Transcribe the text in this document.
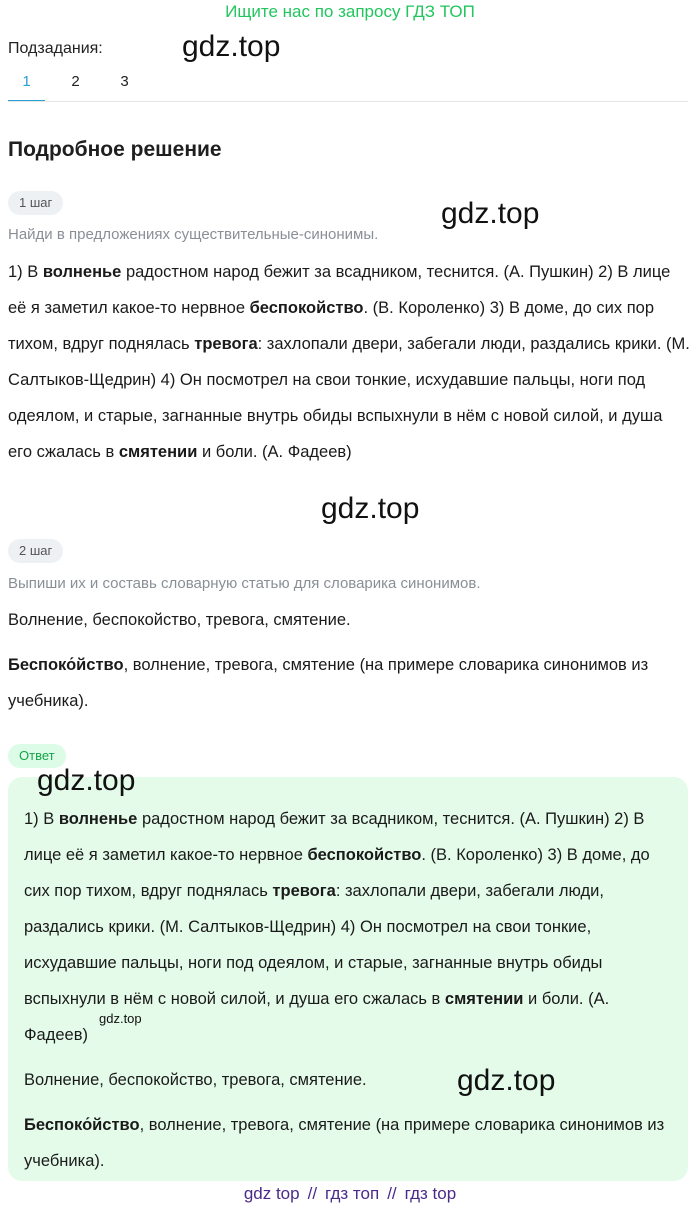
Ищите нас по запросу ГДЗ ТОП
Подзадания:	gdz.top
1	2	3
Подробное решение
1 шаг	gdz.top
Найди в предложениях существительные-синонимы.
1) В волненье радостном народ бежит за всадником, теснится. (А. Пушкин) 2) В лице её я заметил какое-то нервное беспокойство. (В. Короленко) 3) В доме, до сих пор тихом, вдруг поднялась тревога: захлопали двери, забегали люди, раздались крики. (М. Салтыков-Щедрин) 4) Он посмотрел на свои тонкие, исхудавшие пальцы, ноги под одеялом, и старые, загнанные внутрь обиды вспыхнули в нём с новой силой, и душа его сжалась в смятении и боли. (А. Фадеев)
gdz.top
2 шаг
Выпиши их и составь словарную статью для словарика синонимов.
Волнение, беспокойство, тревога, смятение.
Беспоко́йство, волнение, тревога, смятение (на примере словарика синонимов из учебника).
Ответ
gdz.top
1) В волненье радостном народ бежит за всадником, теснится. (А. Пушкин) 2) В лице её я заметил какое-то нервное беспокойство. (В. Короленко) 3) В доме, до сих пор тихом, вдруг поднялась тревога: захлопали двери, забегали люди, раздались крики. (М. Салтыков-Щедрин) 4) Он посмотрел на свои тонкие, исхудавшие пальцы, ноги под одеялом, и старые, загнанные внутрь обиды вспыхнули в нём с новой силой, и душа его сжалась в смятении и боли. (А. Фадеев)
gdz.top
Волнение, беспокойство, тревога, смятение.	gdz.top
Беспоко́йство, волнение, тревога, смятение (на примере словарика синонимов из учебника).
gdz top // гдз топ // гдз top
